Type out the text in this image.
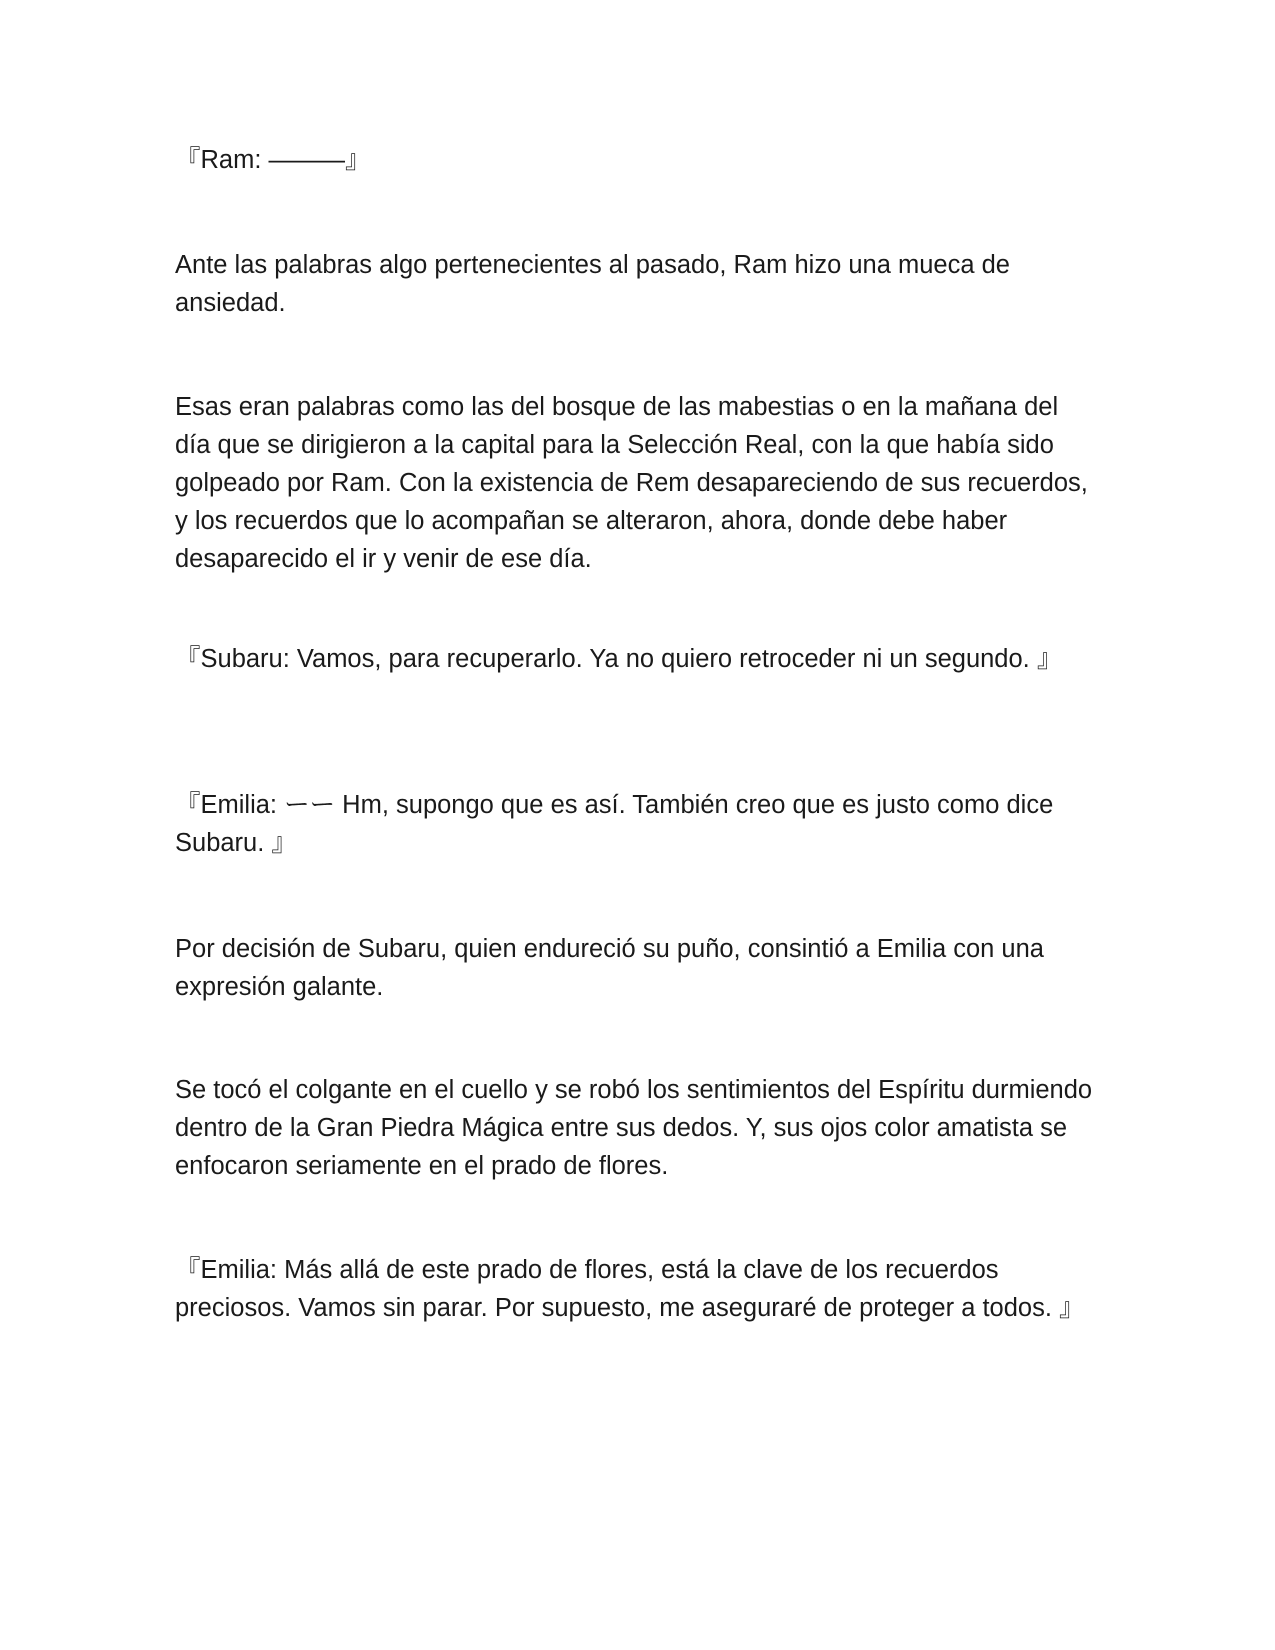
『Ram: ———』

Ante las palabras algo pertenecientes al pasado, Ram hizo una mueca de ansiedad.

Esas eran palabras como las del bosque de las mabestias o en la mañana del día que se dirigieron a la capital para la Selección Real, con la que había sido golpeado por Ram. Con la existencia de Rem desapareciendo de sus recuerdos, y los recuerdos que lo acompañan se alteraron, ahora, donde debe haber desaparecido el ir y venir de ese día.

『Subaru: Vamos, para recuperarlo. Ya no quiero retroceder ni un segundo. 』

『Emilia: ーー Hm, supongo que es así. También creo que es justo como dice Subaru. 』

Por decisión de Subaru, quien endureció su puño, consintió a Emilia con una expresión galante.

Se tocó el colgante en el cuello y se robó los sentimientos del Espíritu durmiendo dentro de la Gran Piedra Mágica entre sus dedos. Y, sus ojos color amatista se enfocaron seriamente en el prado de flores.

『Emilia: Más allá de este prado de flores, está la clave de los recuerdos preciosos. Vamos sin parar. Por supuesto, me aseguraré de proteger a todos. 』
